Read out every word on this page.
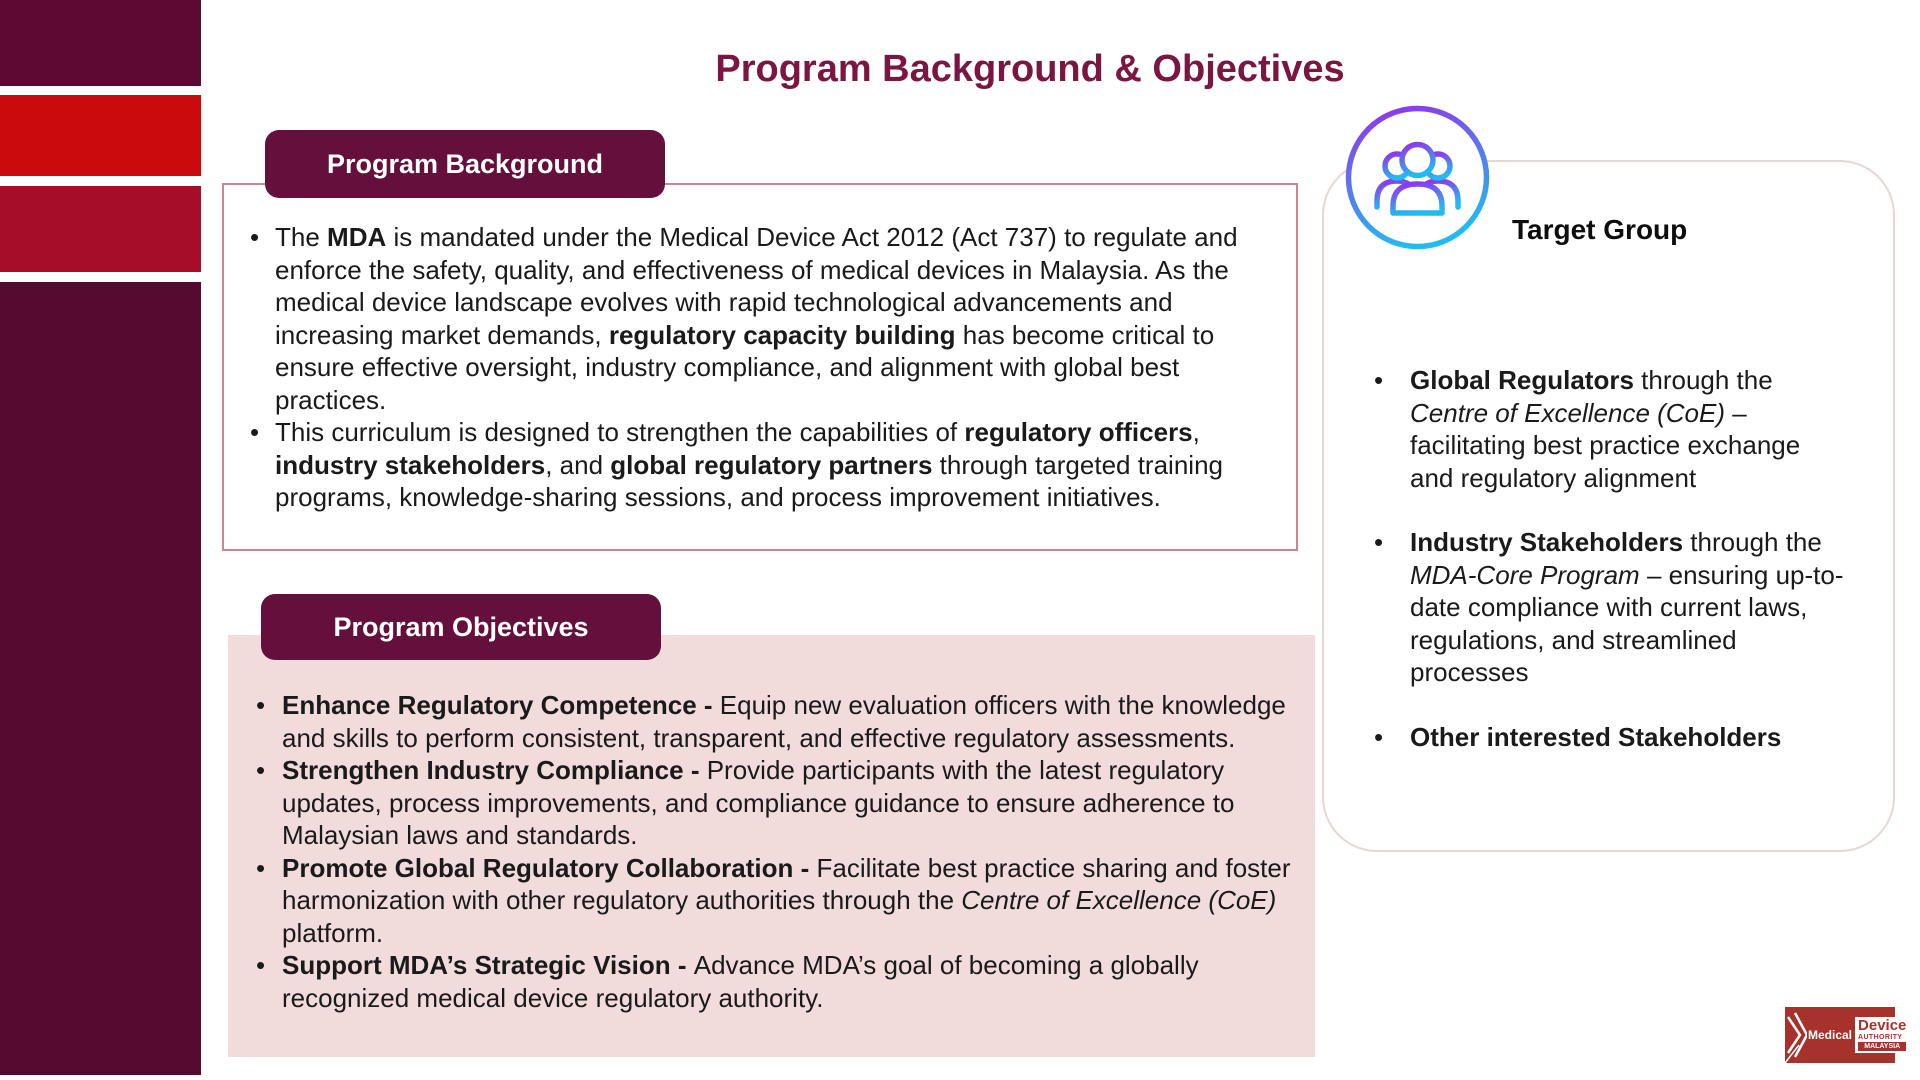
Program Background & Objectives
Program Background
• The MDA is mandated under the Medical Device Act 2012 (Act 737) to regulate and enforce the safety, quality, and effectiveness of medical devices in Malaysia. As the medical device landscape evolves with rapid technological advancements and increasing market demands, regulatory capacity building has become critical to ensure effective oversight, industry compliance, and alignment with global best practices.
• This curriculum is designed to strengthen the capabilities of regulatory officers, industry stakeholders, and global regulatory partners through targeted training programs, knowledge-sharing sessions, and process improvement initiatives.
Program Objectives
• Enhance Regulatory Competence - Equip new evaluation officers with the knowledge and skills to perform consistent, transparent, and effective regulatory assessments.
• Strengthen Industry Compliance - Provide participants with the latest regulatory updates, process improvements, and compliance guidance to ensure adherence to Malaysian laws and standards.
• Promote Global Regulatory Collaboration - Facilitate best practice sharing and foster harmonization with other regulatory authorities through the Centre of Excellence (CoE) platform.
• Support MDA’s Strategic Vision - Advance MDA’s goal of becoming a globally recognized medical device regulatory authority.
Target Group
• Global Regulators through the Centre of Excellence (CoE) – facilitating best practice exchange and regulatory alignment
• Industry Stakeholders through the MDA-Core Program – ensuring up-to-date compliance with current laws, regulations, and streamlined processes
• Other interested Stakeholders
Medical
Device
AUTHORITY
MALAYSIA
